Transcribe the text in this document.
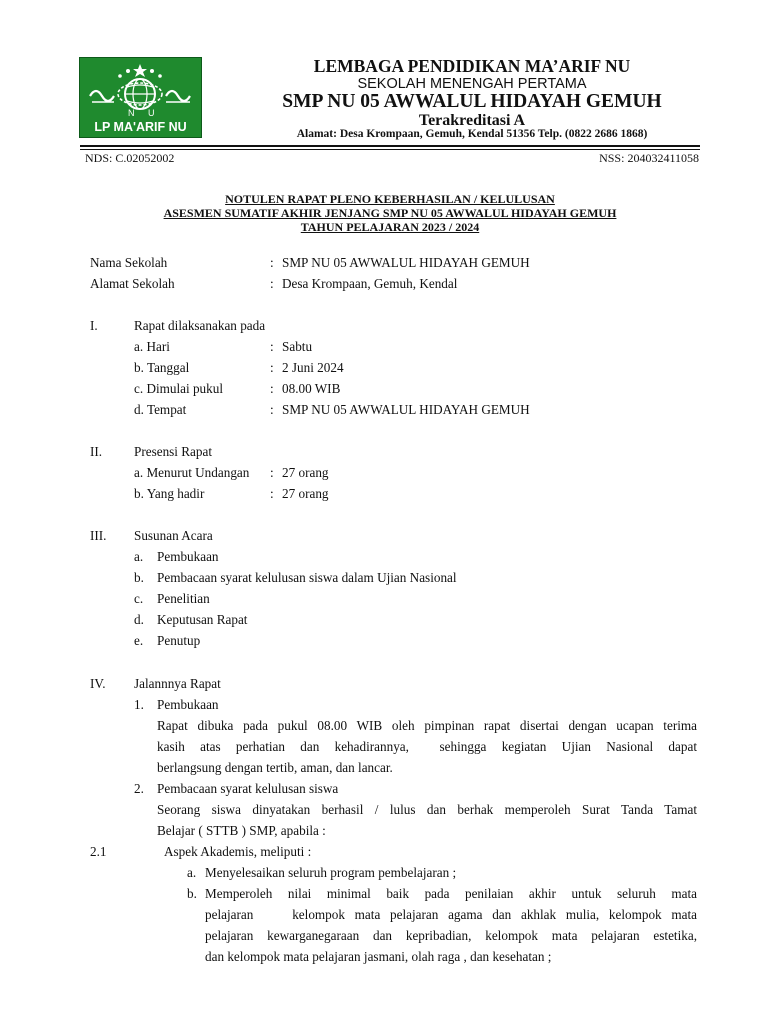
N U
LP MA'ARIF NU
LEMBAGA PENDIDIKAN MA’ARIF NU
SEKOLAH MENENGAH PERTAMA
SMP NU 05 AWWALUL HIDAYAH GEMUH
Terakreditasi A
Alamat: Desa Krompaan, Gemuh, Kendal 51356 Telp. (0822 2686 1868)
NDS: C.02052002	NSS: 204032411058
NOTULEN RAPAT PLENO KEBERHASILAN / KELULUSAN
ASESMEN SUMATIF AKHIR JENJANG SMP NU 05 AWWALUL HIDAYAH GEMUH
TAHUN PELAJARAN 2023 / 2024
Nama Sekolah	: SMP NU 05 AWWALUL HIDAYAH GEMUH
Alamat Sekolah	: Desa Krompaan, Gemuh, Kendal
I.	Rapat dilaksanakan pada
a. Hari	: Sabtu
b. Tanggal	: 2 Juni 2024
c. Dimulai pukul	: 08.00 WIB
d. Tempat	: SMP NU 05 AWWALUL HIDAYAH GEMUH
II. Presensi Rapat
a. Menurut Undangan : 27 orang
b. Yang hadir	: 27 orang
III. Susunan Acara
a. Pembukaan
b. Pembacaan syarat kelulusan siswa dalam Ujian Nasional
c. Penelitian
d. Keputusan Rapat
e. Penutup
IV. Jalannnya Rapat
1. Pembukaan
Rapat dibuka pada pukul 08.00 WIB oleh pimpinan rapat disertai dengan ucapan terima
kasih atas perhatian dan kehadirannya,  sehingga kegiatan Ujian Nasional dapat
berlangsung dengan tertib, aman, dan lancar.
2. Pembacaan syarat kelulusan siswa
Seorang siswa dinyatakan berhasil / lulus dan berhak memperoleh Surat Tanda Tamat
Belajar ( STTB ) SMP, apabila :
2.1	Aspek Akademis, meliputi :
a. Menyelesaikan seluruh program pembelajaran ;
b. Memperoleh nilai minimal baik pada penilaian akhir untuk seluruh mata
pelajaran    kelompok mata pelajaran agama dan akhlak mulia, kelompok mata
pelajaran kewarganegaraan dan kepribadian, kelompok mata pelajaran estetika,
dan kelompok mata pelajaran jasmani, olah raga , dan kesehatan ;
